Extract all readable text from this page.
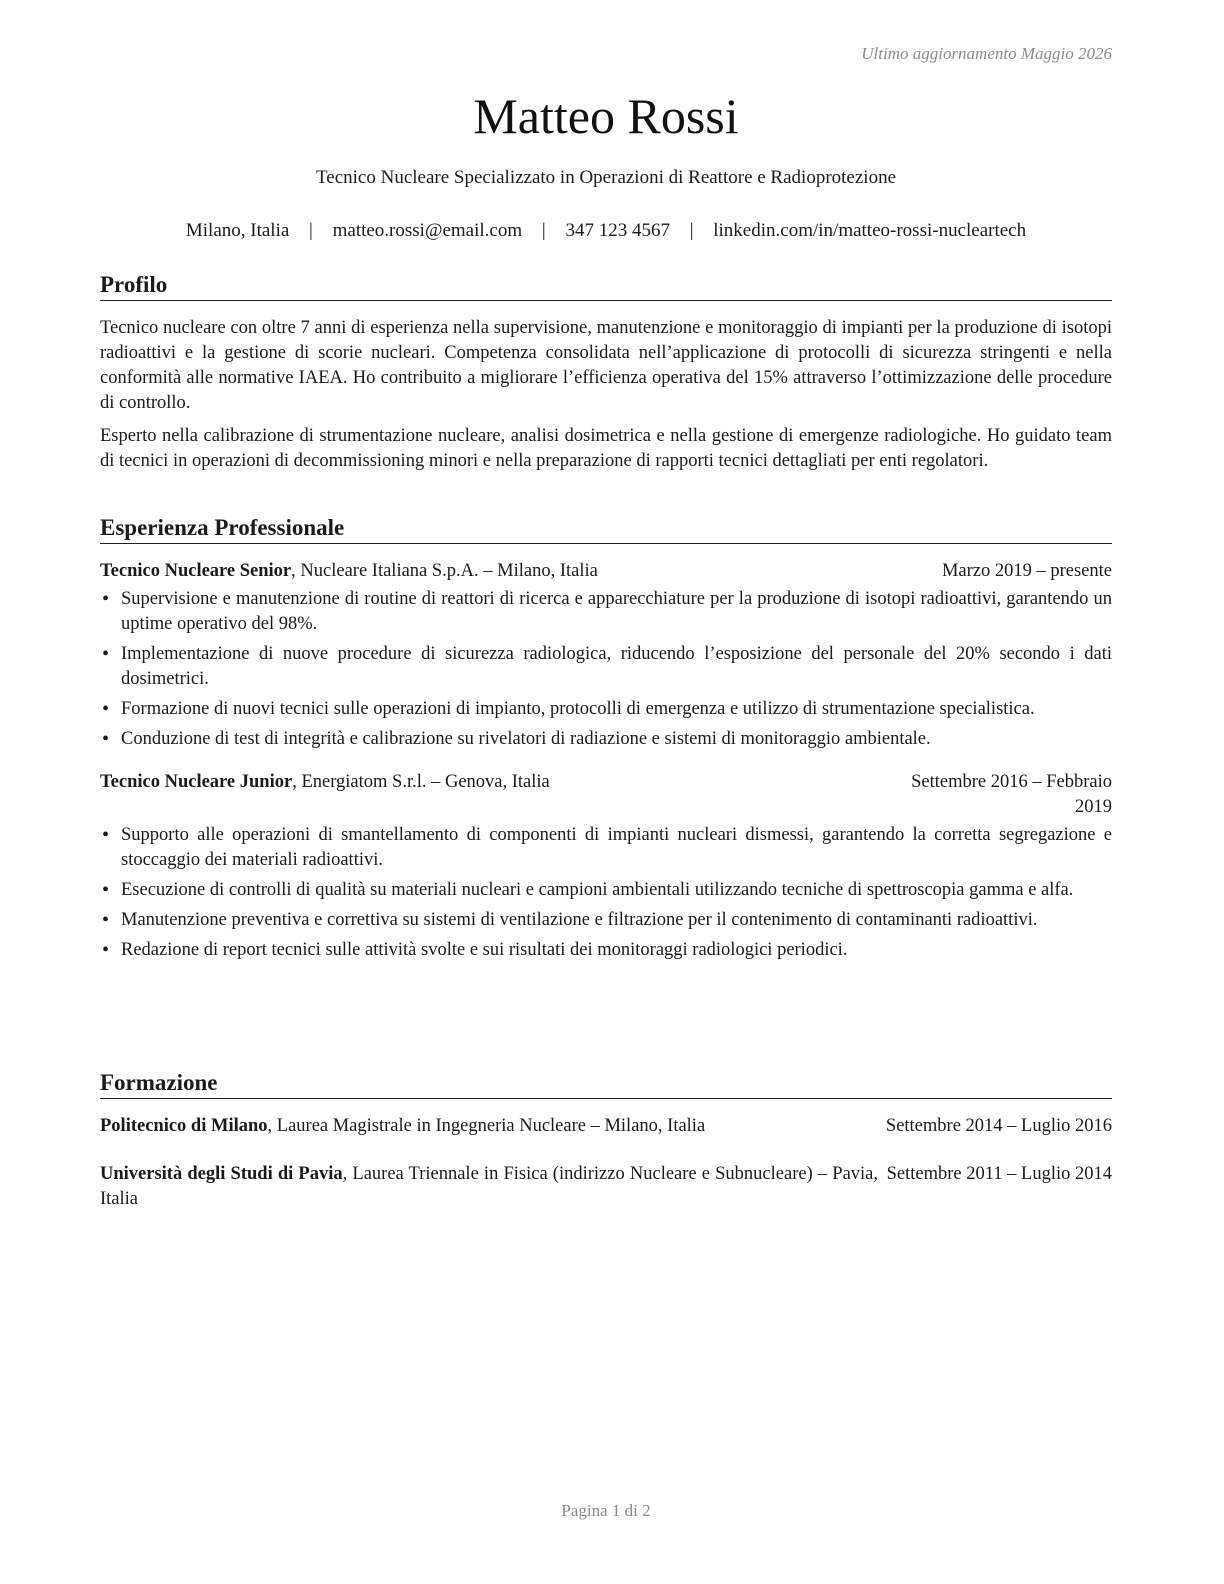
Ultimo aggiornamento Maggio 2026
Matteo Rossi
Tecnico Nucleare Specializzato in Operazioni di Reattore e Radioprotezione
Milano, Italia | matteo.rossi@email.com | 347 123 4567 | linkedin.com/in/matteo-rossi-nucleartech
Profilo

Tecnico nucleare con oltre 7 anni di esperienza nella supervisione, manutenzione e monitoraggio di impianti per la produzione di isotopi radioattivi e la gestione di scorie nucleari. Competenza consolidata nell’applicazione di protocolli di sicurezza stringenti e nella conformità alle normative IAEA. Ho contribuito a migliorare l’efficienza operativa del 15% attraverso l’ottimizzazione delle procedure di controllo.

Esperto nella calibrazione di strumentazione nucleare, analisi dosimetrica e nella gestione di emergenze radiologiche. Ho guidato team di tecnici in operazioni di decommissioning minori e nella preparazione di rapporti tecnici dettagliati per enti regolatori.

Esperienza Professionale
Tecnico Nucleare Senior, Nucleare Italiana S.p.A. – Milano, Italia	Marzo 2019 – presente
• Supervisione e manutenzione di routine di reattori di ricerca e apparecchiature per la produzione di isotopi radioattivi, garantendo un uptime operativo del 98%.
• Implementazione di nuove procedure di sicurezza radiologica, riducendo l’esposizione del personale del 20% secondo i dati dosimetrici.
• Formazione di nuovi tecnici sulle operazioni di impianto, protocolli di emergenza e utilizzo di strumentazione specialistica.
• Conduzione di test di integrità e calibrazione su rivelatori di radiazione e sistemi di monitoraggio ambientale.
Tecnico Nucleare Junior, Energiatom S.r.l. – Genova, Italia	Settembre 2016 – Febbraio 2019
• Supporto alle operazioni di smantellamento di componenti di impianti nucleari dismessi, garantendo la corretta segregazione e stoccaggio dei materiali radioattivi.
• Esecuzione di controlli di qualità su materiali nucleari e campioni ambientali utilizzando tecniche di spettroscopia gamma e alfa.
• Manutenzione preventiva e correttiva su sistemi di ventilazione e filtrazione per il contenimento di contaminanti radioattivi.
• Redazione di report tecnici sulle attività svolte e sui risultati dei monitoraggi radiologici periodici.
Formazione
Politecnico di Milano, Laurea Magistrale in Ingegneria Nucleare – Milano, Italia	Settembre 2014 – Luglio 2016
Università degli Studi di Pavia, Laurea Triennale in Fisica (indirizzo Nucleare e Subnucleare) – Pavia, Italia
Settembre 2011 – Luglio 2014
Pagina 1 di 2
